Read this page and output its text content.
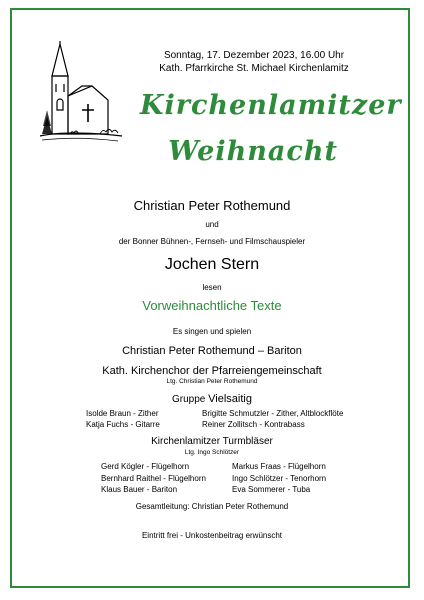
Sonntag, 17. Dezember 2023, 16.00 Uhr
Kath. Pfarrkirche St. Michael Kirchenlamitz
Kirchenlamitzer
Weihnacht
Christian Peter Rothemund
und
der Bonner Bühnen-, Fernseh- und Filmschauspieler
Jochen Stern
lesen
Vorweihnachtliche Texte
Es singen und spielen
Christian Peter Rothemund – Bariton
Kath. Kirchenchor der Pfarreiengemeinschaft
Ltg. Christian Peter Rothemund
Gruppe Vielsaitig
Isolde Braun - Zither
Katja Fuchs - Gitarre
Brigitte Schmutzler - Zither, Altblockflöte
Reiner Zollitsch - Kontrabass
Kirchenlamitzer Turmbläser
Ltg. Ingo Schlötzer
Gerd Kögler - Flügelhorn
Bernhard Raithel - Flügelhorn
Klaus Bauer - Bariton
Markus Fraas - Flügelhorn
Ingo Schlötzer - Tenorhorn
Eva Sommerer - Tuba
Gesamtleitung: Christian Peter Rothemund
Eintritt frei - Unkostenbeitrag erwünscht
